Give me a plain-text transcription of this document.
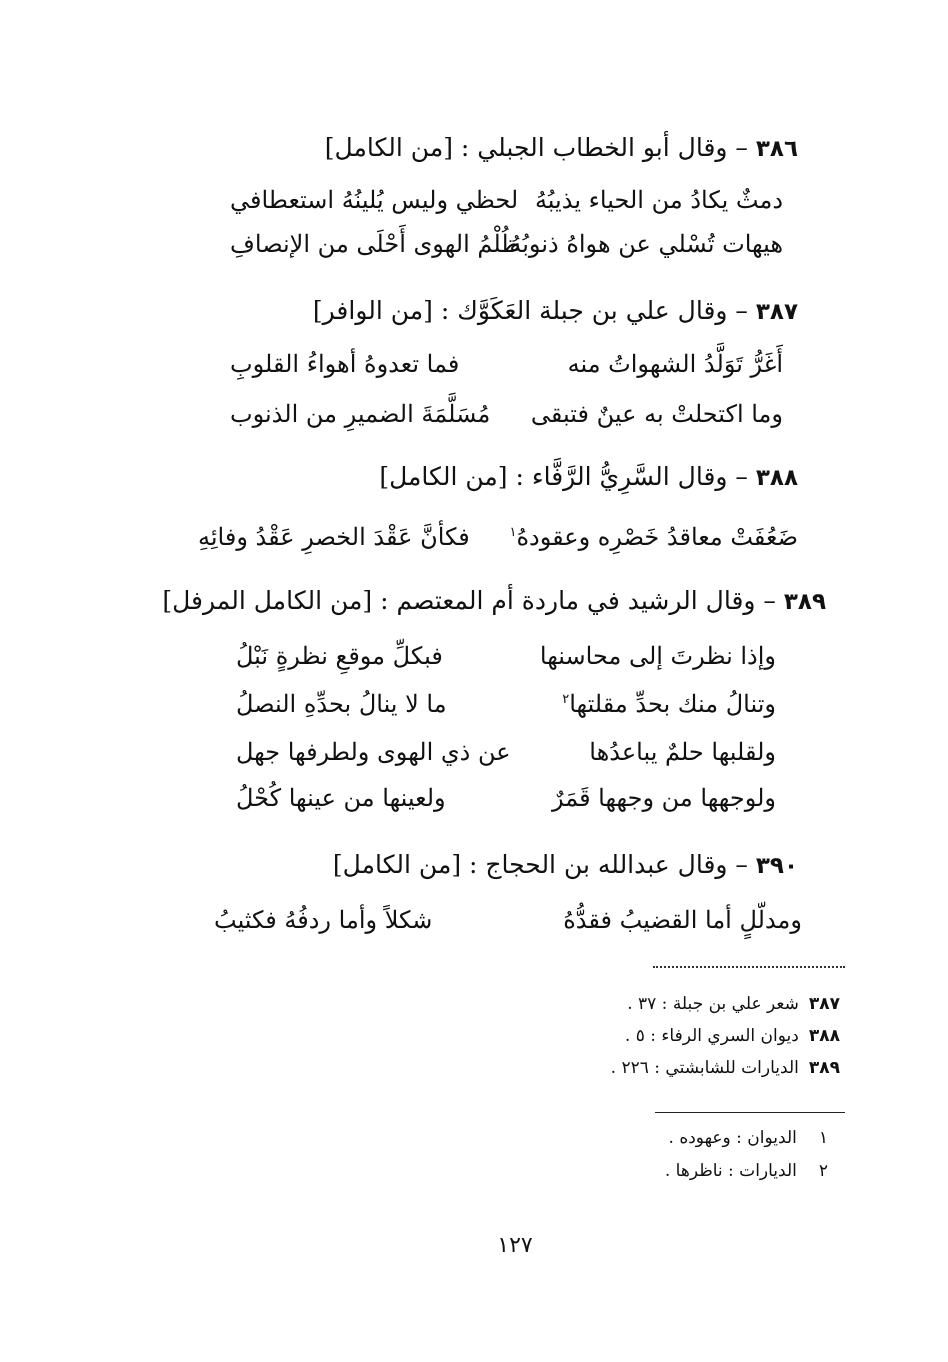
٣٨٦ – وقال أبو الخطاب الجبلي : [من الكامل]
دمثٌ يكادُ من الحياء يذيبُهُ
لحظي وليس يُلينُهُ استعطافي
هيهات تُسْلي عن هواهُ ذنوبُهُ
ظُلْمُ الهوى أَحْلَى من الإنصافِ
٣٨٧ – وقال علي بن جبلة العَكَوَّك : [من الوافر]
أَغَرُّ تَوَلَّدُ الشهواتُ منه
فما تعدوهُ أهواءُ القلوبِ
وما اكتحلتْ به عينٌ فتبقى
مُسَلَّمَةَ الضميرِ من الذنوب
٣٨٨ – وقال السَّرِيُّ الرَّفَّاء : [من الكامل]
ضَعُفَتْ معاقدُ خَصْرِه وعقودهُ$^١$
فكأنَّ عَقْدَ الخصرِ عَقْدُ وفائِهِ
٣٨٩ – وقال الرشيد في ماردة أم المعتصم : [من الكامل المرفل]
وإذا نظرتَ إلى محاسنها
فبكلِّ موقعِ نظرةٍ نَبْلُ
وتنالُ منك بحدِّ مقلتها$^٢$
ما لا ينالُ بحدِّهِ النصلُ
ولقلبها حلمٌ يباعدُها
عن ذي الهوى ولطرفها جهل
ولوجهها من وجهها قَمَرٌ
ولعينها من عينها كُحْلُ
٣٩٠ – وقال عبدالله بن الحجاج : [من الكامل]
ومدلّلٍ أما القضيبُ فقدُّهُ
شكلاً وأما ردفُهُ فكثيبُ
٣٨٧شعر علي بن جبلة : ٣٧ .
٣٨٨ديوان السري الرفاء : ٥ .
٣٨٩الديارات للشابشتي : ٢٢٦ .
١الديوان : وعهوده .
٢الديارات : ناظرها .
١٢٧
